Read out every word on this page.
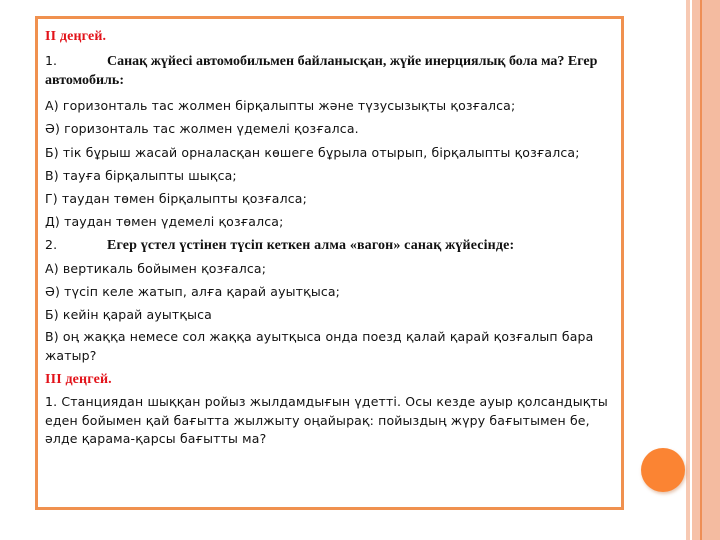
II деңгей.
1.	Санақ жүйесі автомобильмен байланысқан, жүйе инерциялық бола ма? Егер автомобиль:
А) горизонталь тас жолмен бірқалыпты және түзусызықты қозғалса;
Ә) горизонталь тас жолмен үдемелі қозғалса.
Б) тік бұрыш жасай орналасқан көшеге бұрыла отырып, бірқалыпты қозғалса;
В) тауға бірқалыпты шықса;
Г) таудан төмен бірқалыпты қозғалса;
Д) таудан төмен үдемелі қозғалса;
2.	Егер үстел үстінен түсіп кеткен алма «вагон» санақ жүйесінде:
А) вертикаль бойымен қозғалса;
Ә) түсіп келе жатып, алға қарай ауытқыса;
Б) кейін қарай ауытқыса
В) оң жаққа немесе сол жаққа ауытқыса онда поезд қалай қарай қозғалып бара жатыр?
III деңгей.
1. Станциядан шыққан ройыз жылдамдығын үдетті. Осы кезде ауыр қолсандықты еден бойымен қай бағытта жылжыту оңайырақ: пойыздың жүру бағытымен бе, әлде қарама-қарсы бағытты ма?
